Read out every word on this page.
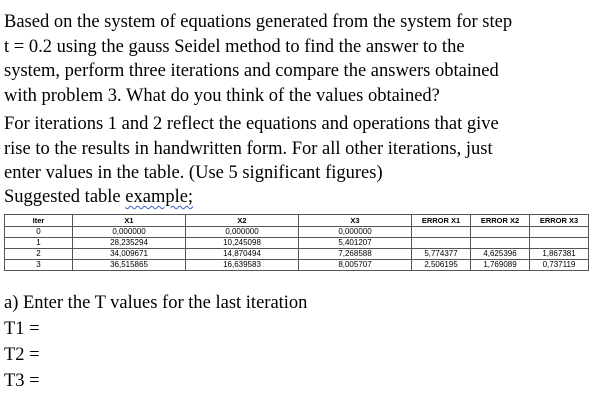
Based on the system of equations generated from the system for step
t = 0.2 using the gauss Seidel method to find the answer to the
system, perform three iterations and compare the answers obtained
with problem 3. What do you think of the values obtained?
For iterations 1 and 2 reflect the equations and operations that give
rise to the results in handwritten form. For all other iterations, just
enter values in the table. (Use 5 significant figures)
Suggested table example;
Iter	X1	X2	X3	ERROR X1	ERROR X2	ERROR X3
0	0,000000	0,000000	0,000000			
1	28,235294	10,245098	5,401207			
2	34,009671	14,870494	7,268588	5,774377	4,625396	1,867381
3	36,515865	16,639583	8,005707	2,506195	1,769089	0,737119
a) Enter the T values for the last iteration
T1 =
T2 =
T3 =
